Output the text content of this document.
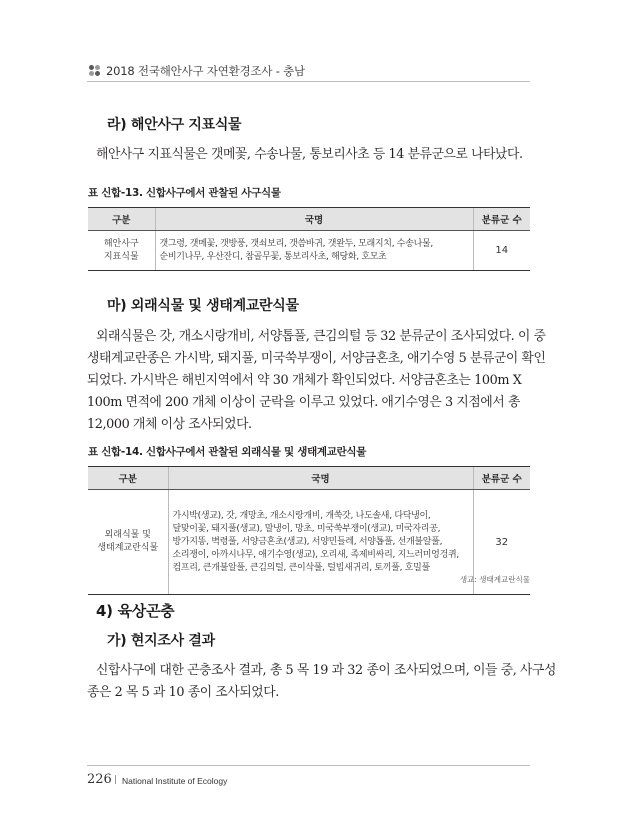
2018 전국해안사구 자연환경조사 - 충남
라) 해안사구 지표식물
해안사구 지표식물은 갯메꽃, 수송나물, 통보리사초 등 14 분류군으로 나타났다.
표 신합-13. 신합사구에서 관찰된 사구식물
구분	국명	분류군 수

해안사구
지표식물	갯그령, 갯메꽃, 갯방풍, 갯쇠보리, 갯씀바귀, 갯완두, 모래지치, 수송나물,
순비기나무, 우산잔디, 참골무꽃, 통보리사초, 해당화, 호모초	14
마) 외래식물 및 생태계교란식물
외래식물은 갓, 개소시랑개비, 서양톱풀, 큰김의털 등 32 분류군이 조사되었다. 이 중
생태계교란종은 가시박, 돼지풀, 미국쑥부쟁이, 서양금혼초, 애기수영 5 분류군이 확인
되었다. 가시박은 해빈지역에서 약 30 개체가 확인되었다. 서양금혼초는 100m X
100m 면적에 200 개체 이상이 군락을 이루고 있었다. 애기수영은 3 지점에서 총
12,000 개체 이상 조사되었다.
표 신합-14. 신합사구에서 관찰된 외래식물 및 생태계교란식물
구분	국명	분류군 수

외래식물 및
생태계교란식물	가시박(생교), 갓, 개망초, 개소시랑개비, 개쑥갓, 나도솔새, 다닥냉이,
달맞이꽃, 돼지풀(생교), 말냉이, 망초, 미국쑥부쟁이(생교), 미국자리공,
방가지똥, 벽령풀, 서양금혼초(생교), 서양민들레, 서양톱풀, 선개불알풀,
소리쟁이, 아까시나무, 애기수영(생교), 오리새, 족제비싸리, 지느러미엉겅퀴,
컴프리, 큰개불알풀, 큰김의털, 큰이삭풀, 털빕새귀리, 토끼풀, 호밀풀	32
생교: 생태계교란식물
4) 육상곤충
가) 현지조사 결과
신합사구에 대한 곤충조사 결과, 총 5 목 19 과 32 종이 조사되었으며, 이들 중, 사구성
종은 2 목 5 과 10 종이 조사되었다.
226 | National Institute of Ecology
